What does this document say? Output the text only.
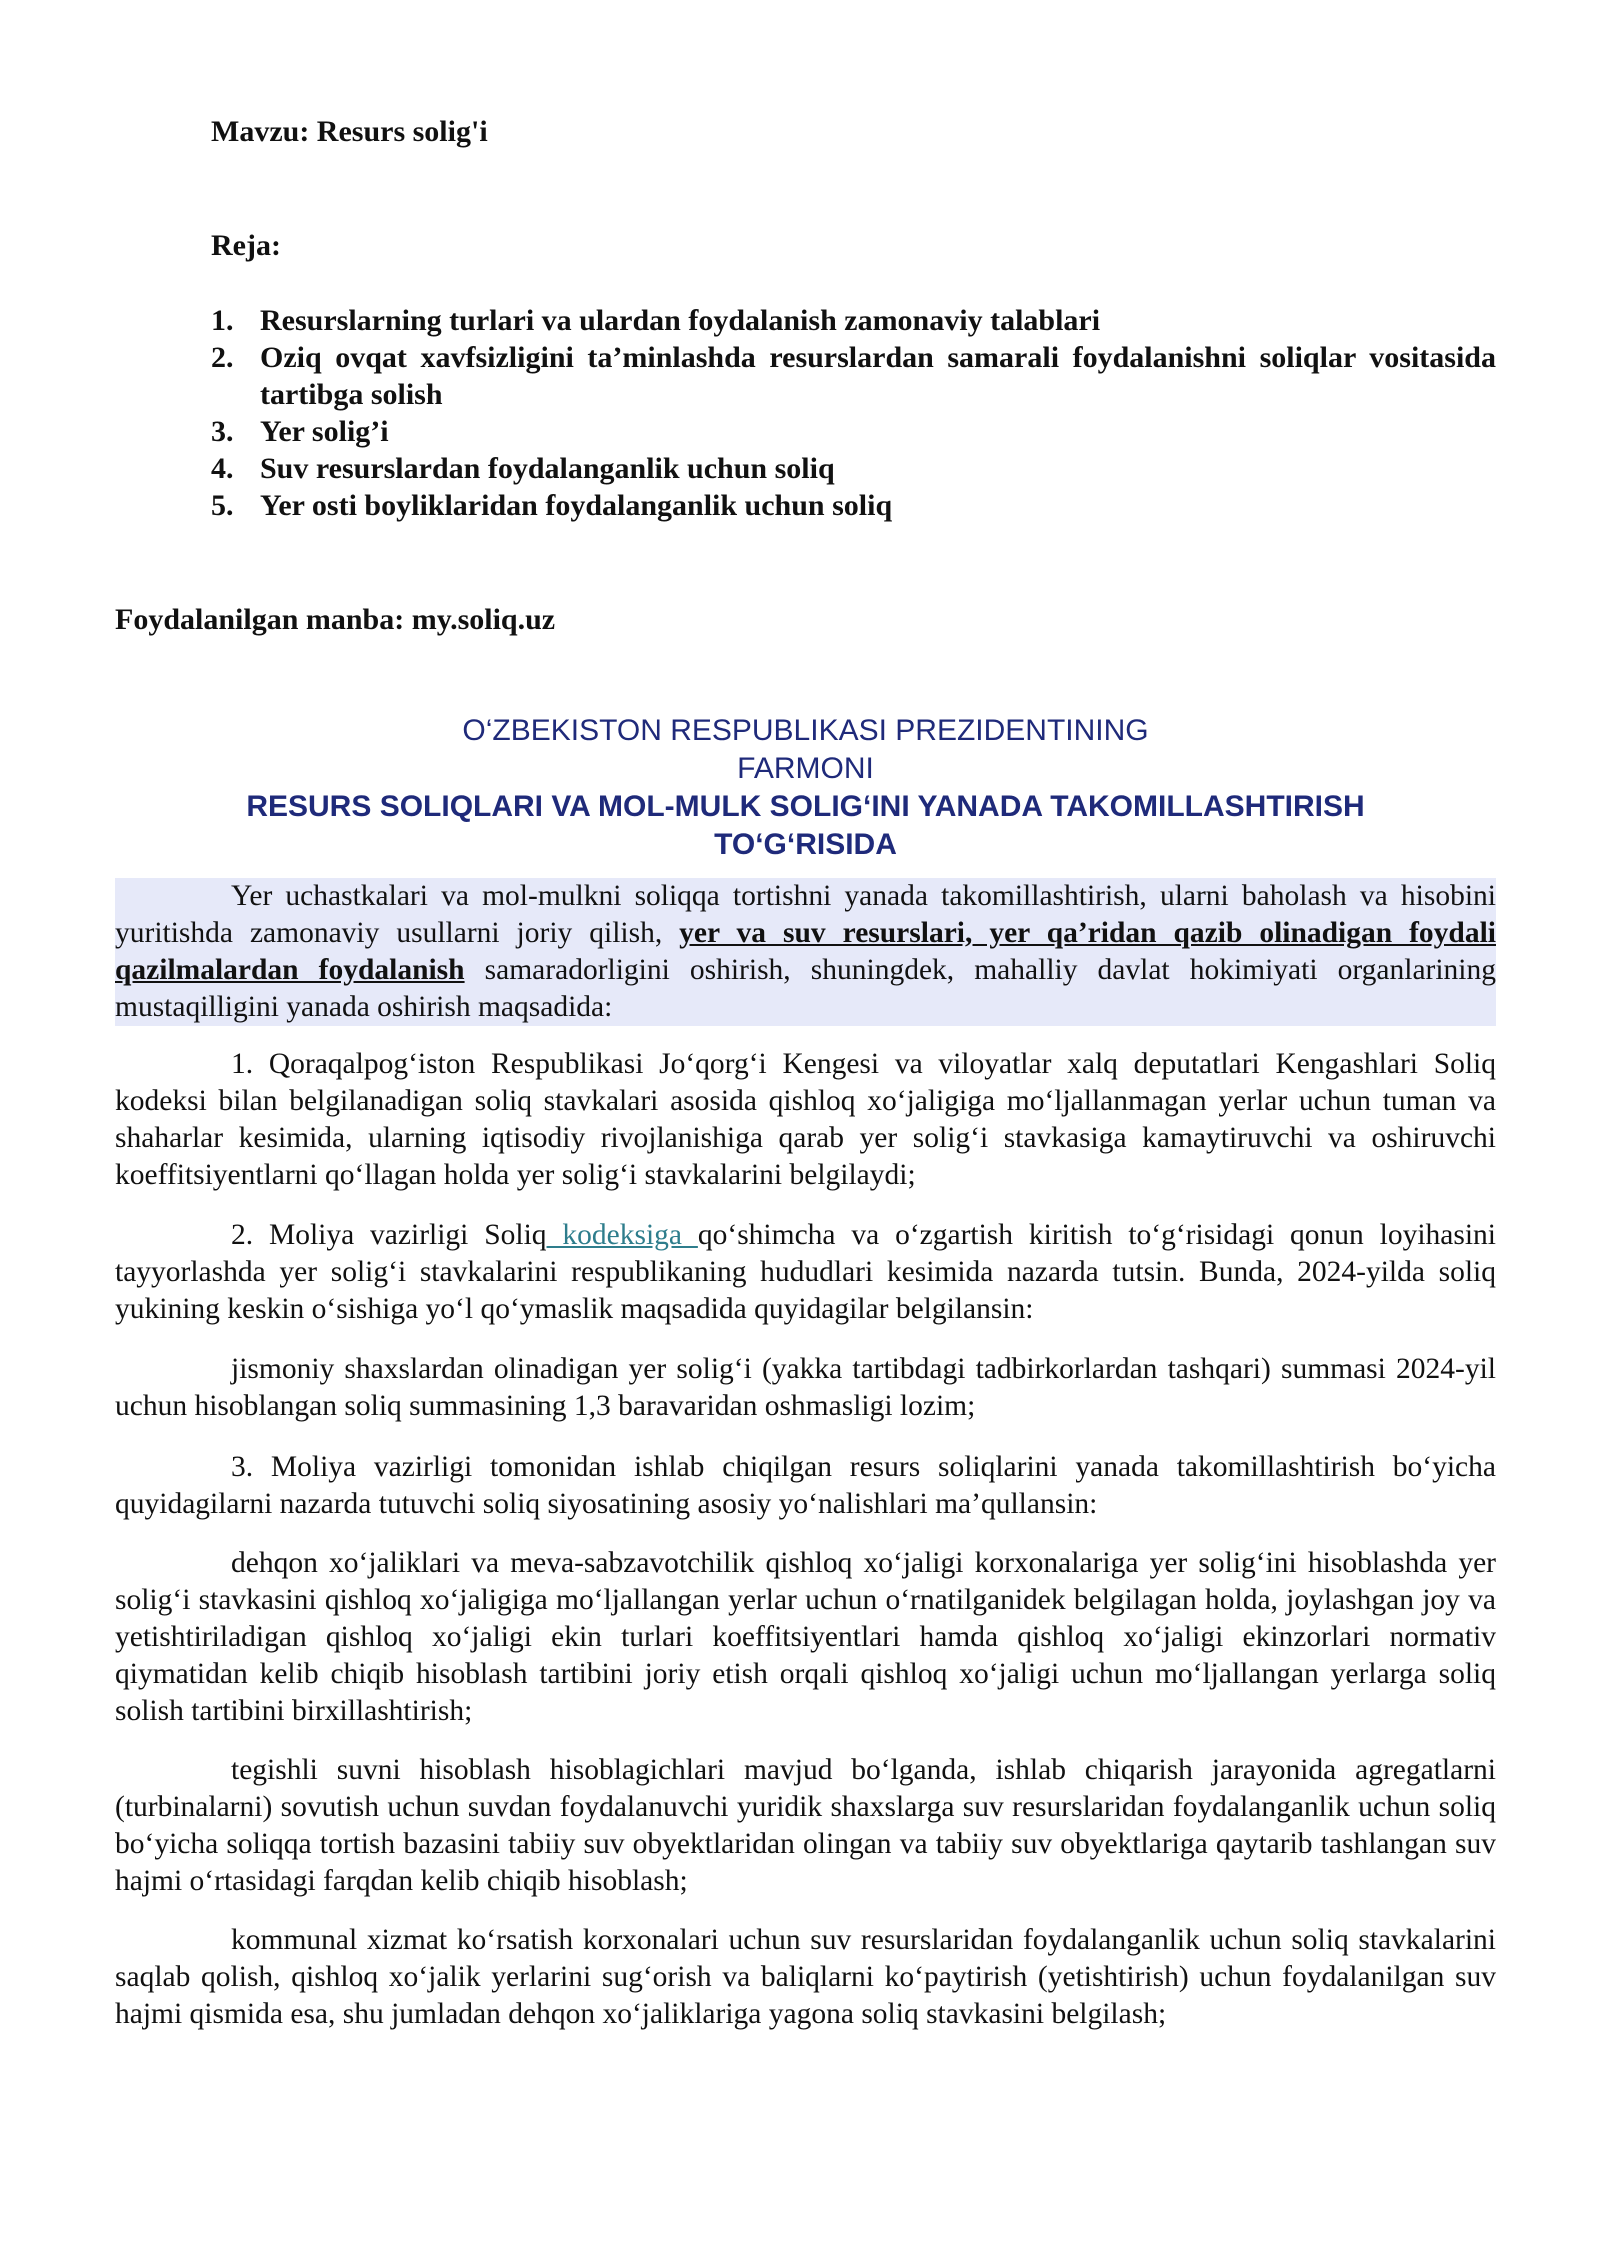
Mavzu: Resurs solig'i
Reja:
1. Resurslarning turlari va ulardan foydalanish zamonaviy talablari
2. Oziq ovqat xavfsizligini ta’minlashda resurslardan samarali foydalanishni soliqlar vositasida tartibga solish
3. Yer solig’i
4. Suv resurslardan foydalanganlik uchun soliq
5. Yer osti boyliklaridan foydalanganlik uchun soliq
Foydalanilgan manba: my.soliq.uz
O‘ZBEKISTON RESPUBLIKASI PREZIDENTINING
FARMONI
RESURS SOLIQLARI VA MOL-MULK SOLIG‘INI YANADA TAKOMILLASHTIRISH
TO‘G‘RISIDA

Yer uchastkalari va mol-mulkni soliqqa tortishni yanada takomillashtirish, ularni baholash va hisobini yuritishda zamonaviy usullarni joriy qilish, yer va suv resurslari, yer qa’ridan qazib olinadigan foydali qazilmalardan foydalanish samaradorligini oshirish, shuningdek, mahalliy davlat hokimiyati organlarining mustaqilligini yanada oshirish maqsadida:

1. Qoraqalpog‘iston Respublikasi Jo‘qorg‘i Kengesi va viloyatlar xalq deputatlari Kengashlari Soliq kodeksi bilan belgilanadigan soliq stavkalari asosida qishloq xo‘jaligiga mo‘ljallanmagan yerlar uchun tuman va shaharlar kesimida, ularning iqtisodiy rivojlanishiga qarab yer solig‘i stavkasiga kamaytiruvchi va oshiruvchi koeffitsiyentlarni qo‘llagan holda yer solig‘i stavkalarini belgilaydi;

2. Moliya vazirligi Soliq kodeksiga qo‘shimcha va o‘zgartish kiritish to‘g‘risidagi qonun loyihasini tayyorlashda yer solig‘i stavkalarini respublikaning hududlari kesimida nazarda tutsin. Bunda, 2024-yilda soliq yukining keskin o‘sishiga yo‘l qo‘ymaslik maqsadida quyidagilar belgilansin:

jismoniy shaxslardan olinadigan yer solig‘i (yakka tartibdagi tadbirkorlardan tashqari) summasi 2024-yil uchun hisoblangan soliq summasining 1,3 baravaridan oshmasligi lozim;

3. Moliya vazirligi tomonidan ishlab chiqilgan resurs soliqlarini yanada takomillashtirish bo‘yicha quyidagilarni nazarda tutuvchi soliq siyosatining asosiy yo‘nalishlari ma’qullansin:

dehqon xo‘jaliklari va meva-sabzavotchilik qishloq xo‘jaligi korxonalariga yer solig‘ini hisoblashda yer solig‘i stavkasini qishloq xo‘jaligiga mo‘ljallangan yerlar uchun o‘rnatilganidek belgilagan holda, joylashgan joy va yetishtiriladigan qishloq xo‘jaligi ekin turlari koeffitsiyentlari hamda qishloq xo‘jaligi ekinzorlari normativ qiymatidan kelib chiqib hisoblash tartibini joriy etish orqali qishloq xo‘jaligi uchun mo‘ljallangan yerlarga soliq solish tartibini birxillashtirish;

tegishli suvni hisoblash hisoblagichlari mavjud bo‘lganda, ishlab chiqarish jarayonida agregatlarni (turbinalarni) sovutish uchun suvdan foydalanuvchi yuridik shaxslarga suv resurslaridan foydalanganlik uchun soliq bo‘yicha soliqqa tortish bazasini tabiiy suv obyektlaridan olingan va tabiiy suv obyektlariga qaytarib tashlangan suv hajmi o‘rtasidagi farqdan kelib chiqib hisoblash;

kommunal xizmat ko‘rsatish korxonalari uchun suv resurslaridan foydalanganlik uchun soliq stavkalarini saqlab qolish, qishloq xo‘jalik yerlarini sug‘orish va baliqlarni ko‘paytirish (yetishtirish) uchun foydalanilgan suv hajmi qismida esa, shu jumladan dehqon xo‘jaliklariga yagona soliq stavkasini belgilash;
